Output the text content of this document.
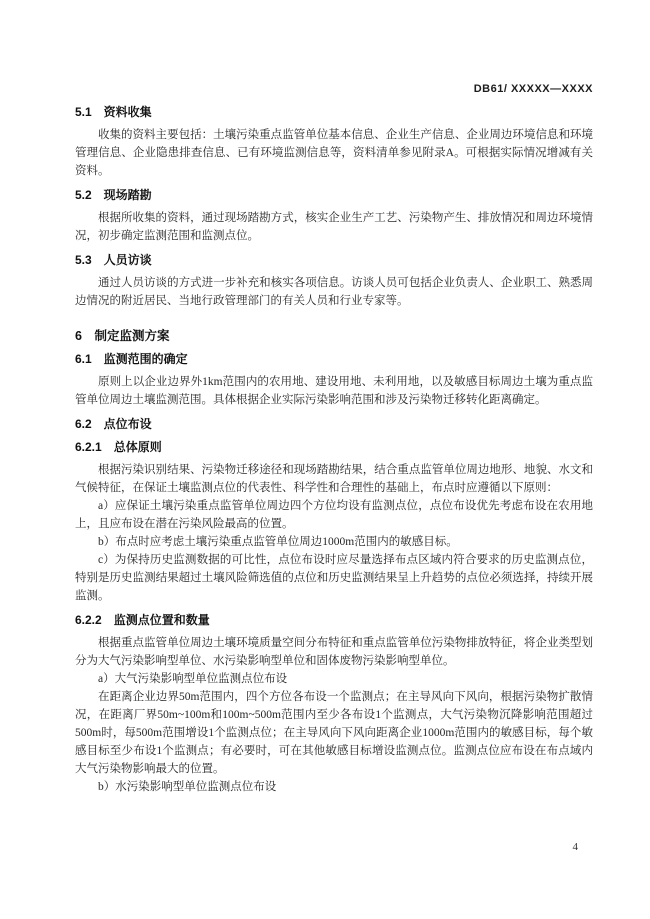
DB61/ XXXXX—XXXX
5.1　资料收集

收集的资料主要包括：土壤污染重点监管单位基本信息、企业生产信息、企业周边环境信息和环境管理信息、企业隐患排查信息、已有环境监测信息等，资料清单参见附录A。可根据实际情况增减有关资料。

5.2　现场踏勘

根据所收集的资料，通过现场踏勘方式，核实企业生产工艺、污染物产生、排放情况和周边环境情况，初步确定监测范围和监测点位。

5.3　人员访谈

通过人员访谈的方式进一步补充和核实各项信息。访谈人员可包括企业负责人、企业职工、熟悉周边情况的附近居民、当地行政管理部门的有关人员和行业专家等。

6　制定监测方案
6.1　监测范围的确定

原则上以企业边界外1km范围内的农用地、建设用地、未利用地，以及敏感目标周边土壤为重点监管单位周边土壤监测范围。具体根据企业实际污染影响范围和涉及污染物迁移转化距离确定。

6.2　点位布设
6.2.1　总体原则

根据污染识别结果、污染物迁移途径和现场踏勘结果，结合重点监管单位周边地形、地貌、水文和气候特征，在保证土壤监测点位的代表性、科学性和合理性的基础上，布点时应遵循以下原则：

a）应保证土壤污染重点监管单位周边四个方位均设有监测点位，点位布设优先考虑布设在农用地上，且应布设在潜在污染风险最高的位置。

b）布点时应考虑土壤污染重点监管单位周边1000m范围内的敏感目标。

c）为保持历史监测数据的可比性，点位布设时应尽量选择布点区域内符合要求的历史监测点位，特别是历史监测结果超过土壤风险筛选值的点位和历史监测结果呈上升趋势的点位必须选择，持续开展监测。

6.2.2　监测点位置和数量

根据重点监管单位周边土壤环境质量空间分布特征和重点监管单位污染物排放特征，将企业类型划分为大气污染影响型单位、水污染影响型单位和固体废物污染影响型单位。

a）大气污染影响型单位监测点位布设

在距离企业边界50m范围内，四个方位各布设一个监测点；在主导风向下风向，根据污染物扩散情况，在距离厂界50m~100m和100m~500m范围内至少各布设1个监测点，大气污染物沉降影响范围超过500m时，每500m范围增设1个监测点位；在主导风向下风向距离企业1000m范围内的敏感目标，每个敏感目标至少布设1个监测点；有必要时，可在其他敏感目标增设监测点位。监测点位应布设在布点域内大气污染物影响最大的位置。

b）水污染影响型单位监测点位布设

4
